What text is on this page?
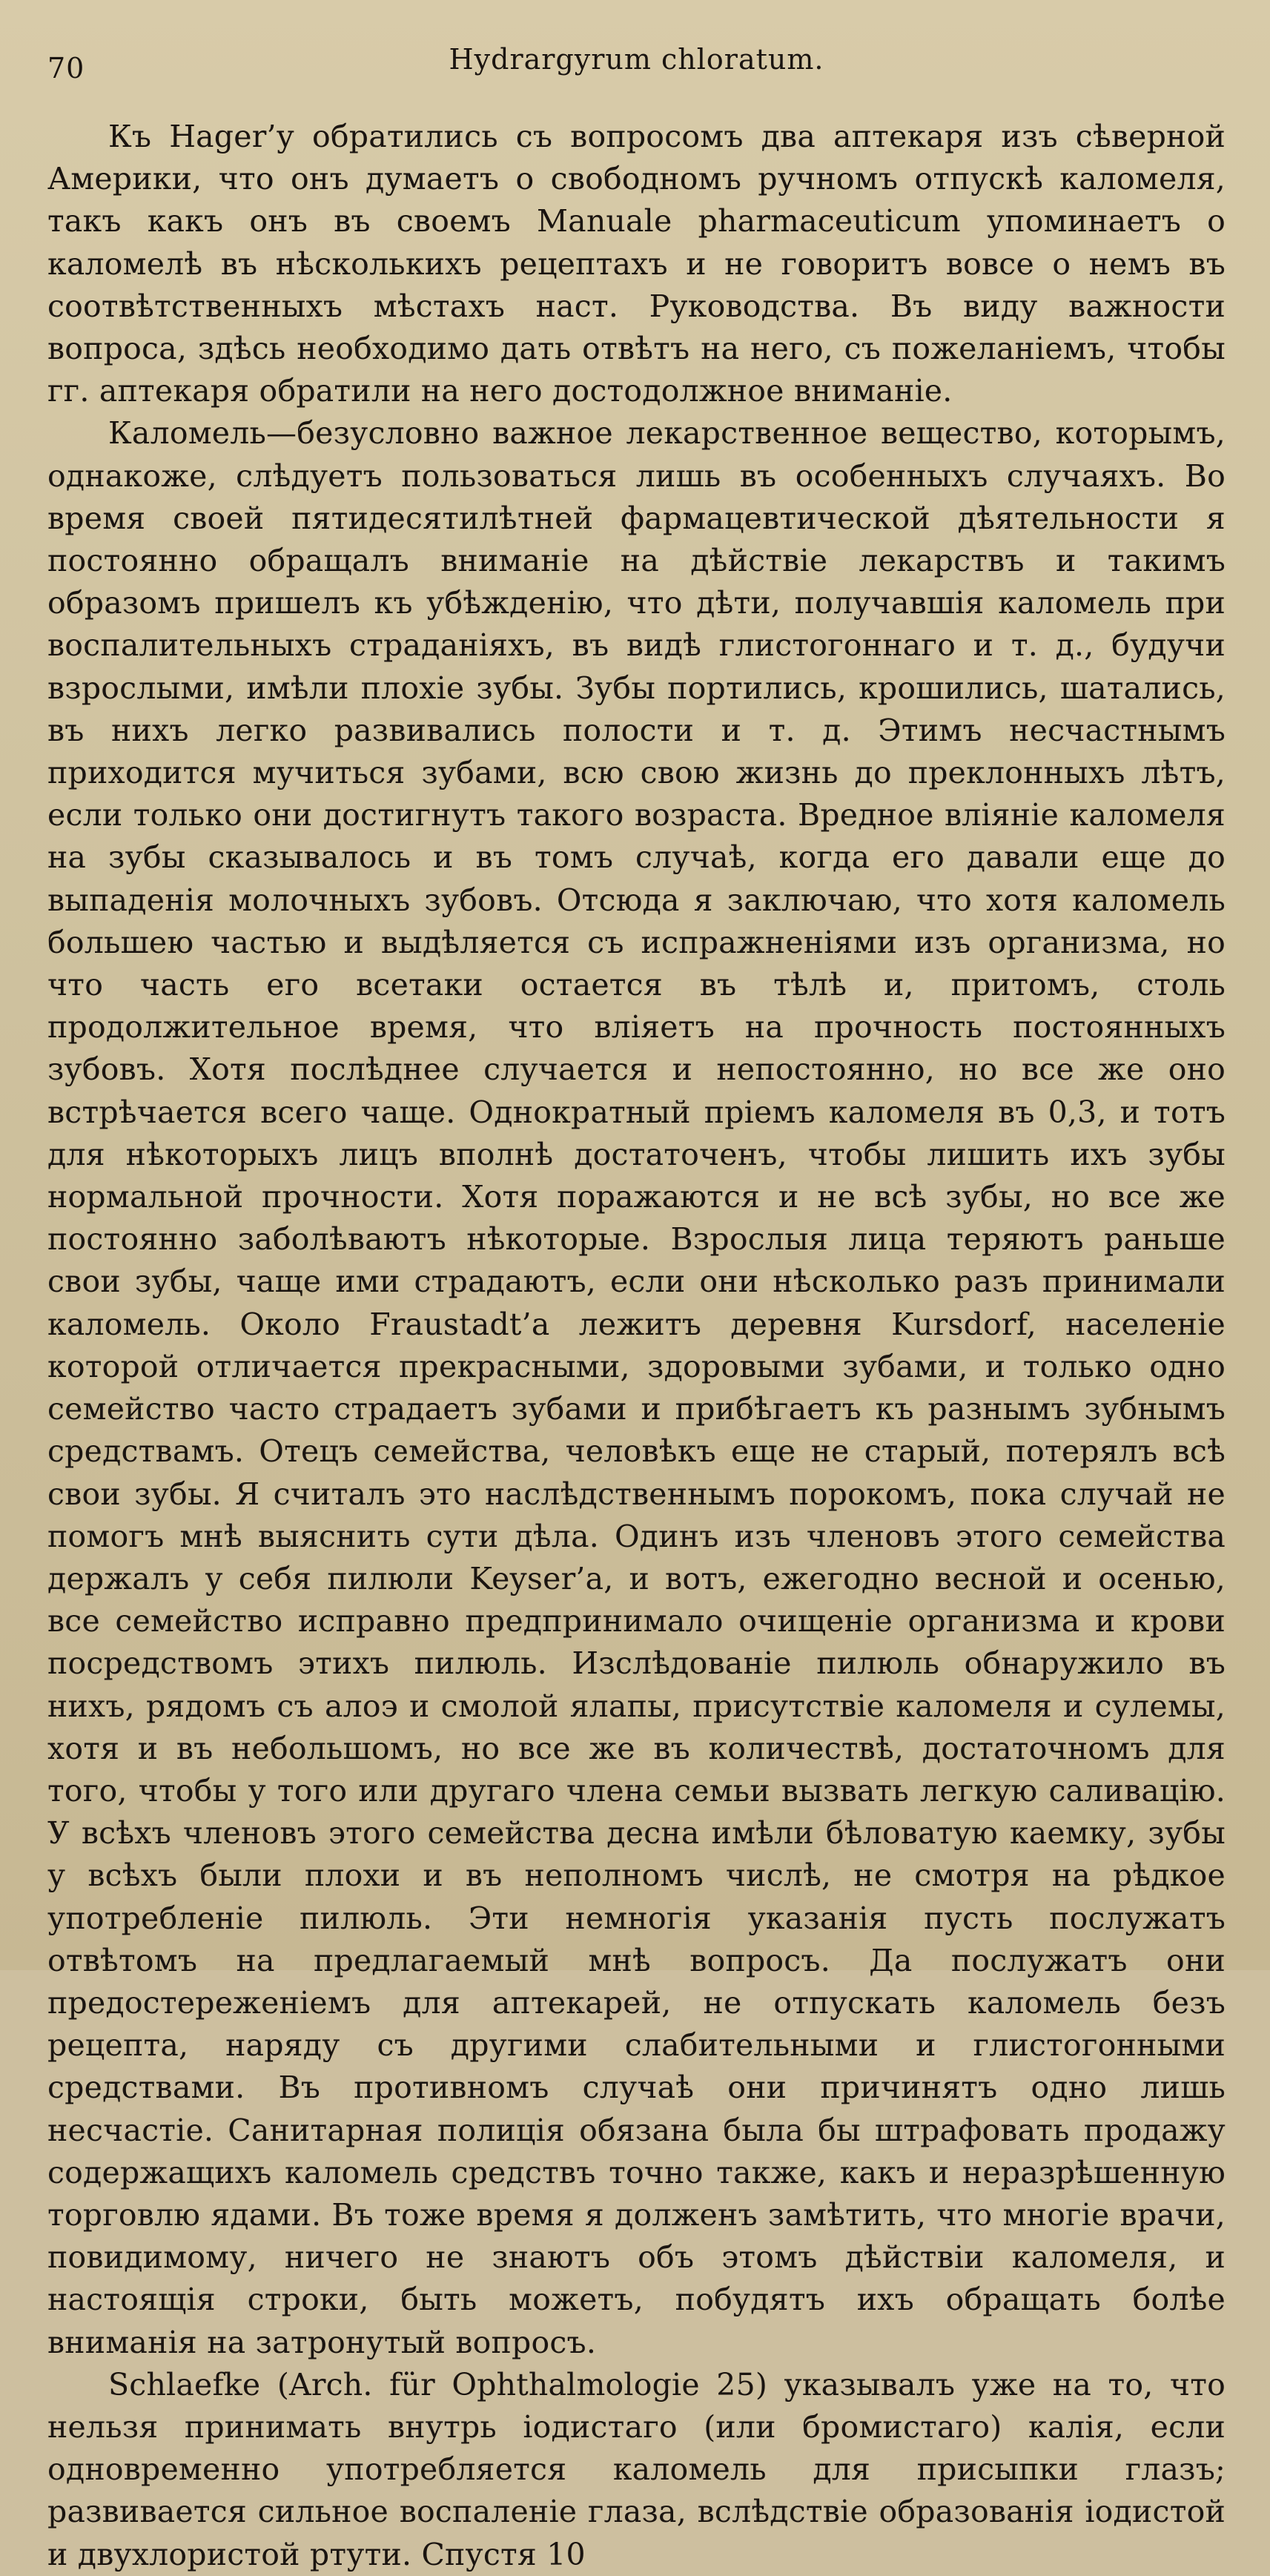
70	Hydrargyrum chloratum.

Къ Hager’у обратились съ вопросомъ два аптекаря изъ сѣверной Америки, что онъ думаетъ о свободномъ ручномъ отпускѣ каломеля, такъ какъ онъ въ своемъ Manuale pharmaceuticum упоминаетъ о каломелѣ въ нѣсколькихъ рецептахъ и не говоритъ вовсе о немъ въ соотвѣтственныхъ мѣстахъ наст. Руководства. Въ виду важности вопроса, здѣсь необходимо дать отвѣтъ на него, съ пожеланіемъ, чтобы гг. аптекаря обратили на него достодолжное вниманіе.

Каломель—безусловно важное лекарственное вещество, которымъ, однакоже, слѣдуетъ пользоваться лишь въ особенныхъ случаяхъ. Во время своей пятидесятилѣтней фармацевтической дѣятельности я постоянно обращалъ вниманіе на дѣйствіе лекарствъ и такимъ образомъ пришелъ къ убѣжденію, что дѣти, получавшія каломель при воспалительныхъ страданіяхъ, въ видѣ глистогоннаго и т. д., будучи взрослыми, имѣли плохіе зубы. Зубы портились, крошились, шатались, въ нихъ легко развивались полости и т. д. Этимъ несчастнымъ приходится мучиться зубами, всю свою жизнь до преклонныхъ лѣтъ, если только они достигнутъ такого возраста. Вредное вліяніе каломеля на зубы сказывалось и въ томъ случаѣ, когда его давали еще до выпаденія молочныхъ зубовъ. Отсюда я заключаю, что хотя каломель большею частью и выдѣляется съ испражненіями изъ организма, но что часть его всетаки остается въ тѣлѣ и, притомъ, столь продолжительное время, что вліяетъ на прочность постоянныхъ зубовъ. Хотя послѣднее случается и непостоянно, но все же оно встрѣчается всего чаще. Однократный пріемъ каломеля въ 0,3, и тотъ для нѣкоторыхъ лицъ вполнѣ достаточенъ, чтобы лишить ихъ зубы нормальной прочности. Хотя поражаются и не всѣ зубы, но все же постоянно заболѣваютъ нѣкоторые. Взрослыя лица теряютъ раньше свои зубы, чаще ими страдаютъ, если они нѣсколько разъ принимали каломель. Около Fraustadt’а лежитъ деревня Kursdorf, населеніе которой отличается прекрасными, здоровыми зубами, и только одно семейство часто страдаетъ зубами и прибѣгаетъ къ разнымъ зубнымъ средствамъ. Отецъ семейства, человѣкъ еще не старый, потерялъ всѣ свои зубы. Я считалъ это наслѣдственнымъ порокомъ, пока случай не помогъ мнѣ выяснить сути дѣла. Одинъ изъ членовъ этого семейства держалъ у себя пилюли Keyser’а, и вотъ, ежегодно весной и осенью, все семейство исправно предпринимало очищеніе организма и крови посредствомъ этихъ пилюль. Изслѣдованіе пилюль обнаружило въ нихъ, рядомъ съ алоэ и смолой ялапы, присутствіе каломеля и сулемы, хотя и въ небольшомъ, но все же въ количествѣ, достаточномъ для того, чтобы у того или другаго члена семьи вызвать легкую саливацію. У всѣхъ членовъ этого семейства десна имѣли бѣловатую каемку, зубы у всѣхъ были плохи и въ неполномъ числѣ, не смотря на рѣдкое употребленіе пилюль. Эти немногія указанія пусть послужатъ отвѣтомъ на предлагаемый мнѣ вопросъ. Да послужатъ они предостереженіемъ для аптекарей, не отпускать каломель безъ рецепта, наряду съ другими слабительными и глистогонными средствами. Въ противномъ случаѣ они причинятъ одно лишь несчастіе. Санитарная полиція обязана была бы штрафовать продажу содержащихъ каломель средствъ точно также, какъ и неразрѣшенную торговлю ядами. Въ тоже время я долженъ замѣтить, что многіе врачи, повидимому, ничего не знаютъ объ этомъ дѣйствіи каломеля, и настоящія строки, быть можетъ, побудятъ ихъ обращать болѣе вниманія на затронутый вопросъ.

Schlaefke (Arch. für Ophthalmologie 25) указывалъ уже на то, что нельзя принимать внутрь іодистаго (или бромистаго) калія, если одновременно употребляется каломель для присыпки глазъ; развивается сильное воспаленіе глаза, вслѣдствіе образованія іодистой и двухлористой ртути. Спустя 10
